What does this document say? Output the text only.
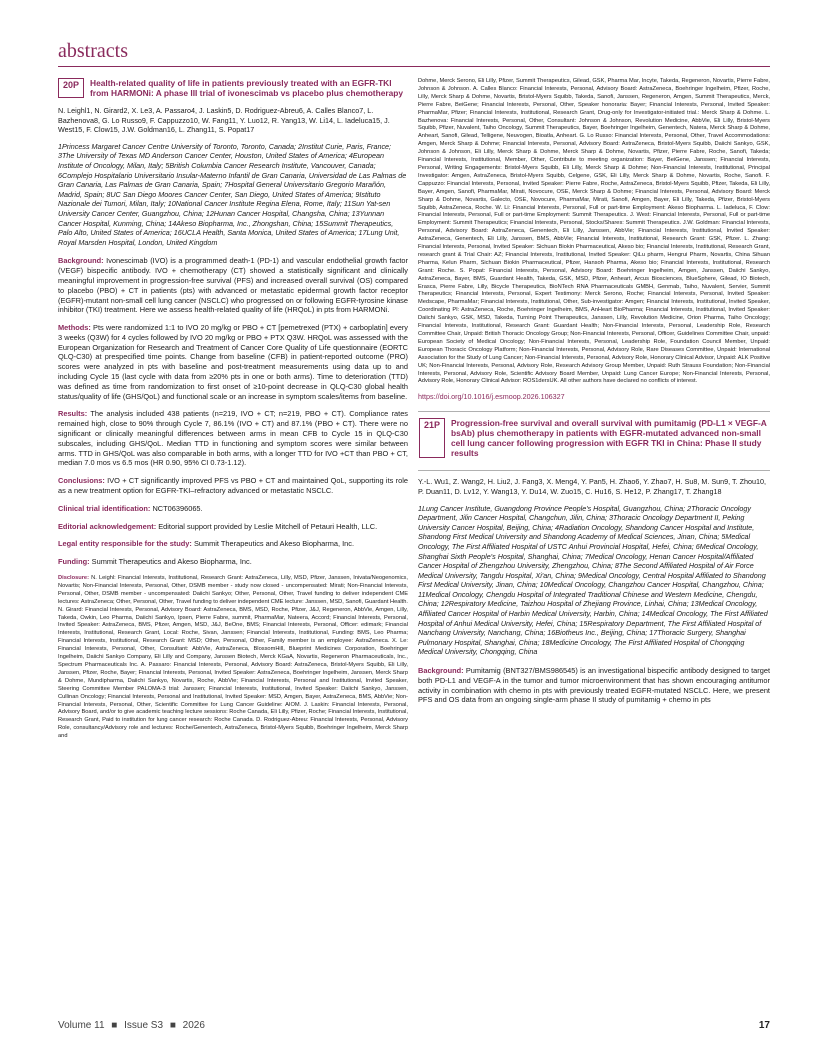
abstracts
20P	Health-related quality of life in patients previously treated with an EGFR-TKI from HARMONi: A phase III trial of ivonescimab vs placebo plus chemotherapy
N. Leighl1, N. Girard2, X. Le3, A. Passaro4, J. Laskin5, D. Rodriguez-Abreu6, A. Calles Blanco7, L. Bazhenova8, G. Lo Russo9, F. Cappuzzo10, W. Fang11, Y. Luo12, R. Yang13, W. Li14, L. Iadeluca15, J. West15, F. Clow15, J.W. Goldman16, L. Zhang11, S. Popat17
1Princess Margaret Cancer Centre University of Toronto, Toronto, Canada; 2Institut Curie, Paris, France; 3The University of Texas MD Anderson Cancer Center, Houston, United States of America; 4European Institute of Oncology, Milan, Italy; 5British Columbia Cancer Research Institute, Vancouver, Canada; 6Complejo Hospitalario Universitario Insular-Materno Infantil de Gran Canaria, Universidad de Las Palmas de Gran Canaria, Las Palmas de Gran Canaria, Spain; 7Hospital General Universitario Gregorio Marañón, Madrid, Spain; 8UC San Diego Moores Cancer Center, San Diego, United States of America; 9Istituto Nazionale dei Tumori, Milan, Italy; 10National Cancer Institute Regina Elena, Rome, Italy; 11Sun Yat-sen University Cancer Center, Guangzhou, China; 12Hunan Cancer Hospital, Changsha, China; 13Yunnan Cancer Hospital, Kunming, China; 14Akeso Biopharma, Inc., Zhongshan, China; 15Summit Therapeutics, Palo Alto, United States of America; 16UCLA Health, Santa Monica, United States of America; 17Lung Unit, Royal Marsden Hospital, London, United Kingdom

Background: Ivonescimab (IVO) is a programmed death-1 (PD-1) and vascular endothelial growth factor (VEGF) bispecific antibody. IVO + chemotherapy (CT) showed a statistically significant and clinically meaningful improvement in progression-free survival (PFS) and increased overall survival (OS) compared to placebo (PBO) + CT in patients (pts) with advanced or metastatic epidermal growth factor receptor (EGFR)-mutant non-small cell lung cancer (NSCLC) who progressed on or following EGFR-tyrosine kinase inhibitor (TKI) treatment. Here we assess health-related quality of life (HRQoL) in pts from HARMONi.

Methods: Pts were randomized 1:1 to IVO 20 mg/kg or PBO + CT [pemetrexed (PTX) + carboplatin] every 3 weeks (Q3W) for 4 cycles followed by IVO 20 mg/kg or PBO + PTX Q3W. HRQoL was assessed with the European Organization for Research and Treatment of Cancer Core Quality of Life questionnaire (EORTC QLQ-C30) at prespecified time points. Change from baseline (CFB) in patient-reported outcome (PRO) scores were analyzed in pts with baseline and post-treatment measurements using data up to and including Cycle 15 (last cycle with data from ≥20% pts in one or both arms). Time to deterioration (TTD) was defined as time from randomization to first onset of ≥10-point decrease in QLQ-C30 global health status/quality of life (GHS/QoL) and functional scale or an increase in symptom scales/items from baseline.

Results: The analysis included 438 patients (n=219, IVO + CT; n=219, PBO + CT). Compliance rates remained high, close to 90% through Cycle 7, 86.1% (IVO + CT) and 87.1% (PBO + CT). There were no significant or clinically meaningful differences between arms in mean CFB to Cycle 15 in QLQ-C30 subscales, including GHS/QoL. Median TTD in functioning and symptom scores were similar between arms. TTD in GHS/QoL was also comparable in both arms, with a longer TTD for IVO +CT than PBO + CT, median 7.0 mos vs 6.5 mos (HR 0.90, 95% CI 0.73-1.12).

Conclusions: IVO + CT significantly improved PFS vs PBO + CT and maintained QoL, supporting its role as a new treatment option for EGFR-TKI–refractory advanced or metastatic NSCLC.

Clinical trial identification: NCT06396065.

Editorial acknowledgement: Editorial support provided by Leslie Mitchell of Petauri Health, LLC.

Legal entity responsible for the study: Summit Therapeutics and Akeso Biopharma, Inc.

Funding: Summit Therapeutics and Akeso Biopharma, Inc.

Disclosure: N. Leighl: Financial Interests, Institutional, Research Grant: AstraZeneca, Lilly, MSD, Pfizer, Janssen, Inivata/Neogenomics, Novartis; Non-Financial Interests, Personal, Other, DSMB member - study now closed - uncompensated: Mirati; Non-Financial Interests, Personal, Other, DSMB member - uncompensated: Daiichi Sankyo; Other, Personal, Other, Travel funding to deliver independent CME lectures: AstraZeneca; Other, Personal, Other, Travel funding to deliver independent CME lecture: Janssen, MSD, Sanofi, Guardant Health. N. Girard: Financial Interests, Personal, Advisory Board: AstraZeneca, BMS, MSD, Roche, Pfizer, J&J, Regeneron, AbbVie, Amgen, Lilly, Takeda, Owkin, Leo Pharma, Daiichi Sankyo, Ipsen, Pierre Fabre, summit, PharmaMar, Nateera, Accord; Financial Interests, Personal, Invited Speaker: AstraZeneca, BMS, Pfizer, Amgen, MSD, J&J, BeOne, BMS; Financial Interests, Personal, Officer: edimark; Financial Interests, Institutional, Research Grant, Local: Roche, Sivan, Janssen; Financial Interests, Institutional, Funding: BMS, Leo Pharma; Financial Interests, Institutional, Research Grant: MSD; Other, Personal, Other, Family member is an employee: AstraZeneca. X. Le: Financial Interests, Personal, Other, Consultant: AbbVie, AstraZeneca, BlossomHill, Blueprint Medicines Corporation, Boehringer Ingelheim, Daiichi Sankyo Company, Eli Lilly and Company, Janssen Biotech, Merck KGaA, Novartis, Regeneron Pharmaceuticals, Inc., Spectrum Pharmaceuticals Inc. A. Passaro: Financial Interests, Personal, Advisory Board: AstraZeneca, Bristol-Myers Squibb, Eli Lilly, Janssen, Pfizer, Roche, Bayer; Financial Interests, Personal, Invited Speaker: AstraZeneca, Boehringer Ingelheim, Janssen, Merck Sharp & Dohme, Mundipharma, Daiichi Sankyo, Novartis, Roche, AbbVie; Financial Interests, Personal and Institutional, Invited Speaker, Steering Committee Member PALOMA-3 trial: Janssen; Financial Interests, Institutional, Invited Speaker: Daiichi Sankyo, Janssen, Cullinan Oncology; Financial Interests, Personal and Institutional, Invited Speaker: MSD, Amgen, Bayer, AstraZeneca, BMS, AbbVie; Non-Financial Interests, Personal, Other, Scientific Committee for Lung Cancer Guideline: AIOM. J. Laskin: Financial Interests, Personal, Advisory Board, and/or to give academic teaching lecture sessions: Roche Canada, Eli Lilly, Pfizer, Roche; Financial Interests, Institutional, Research Grant, Paid to institution for lung cancer research: Roche Canada. D. Rodriguez-Abreu: Financial Interests, Personal, Advisory Role, consultancy/Advisory role and lectures: Roche/Genentech, AstraZeneca, Bristol-Myers Squibb, Boehringer Ingelheim, Merck Sharp and

Dohme, Merck Serono, Eli Lilly, Pfizer, Summit Therapeutics, Gilead, GSK, Pharma Mar, Incyte, Takeda, Regeneron, Novartis, Pierre Fabre, Johnson & Johnson. A. Calles Blanco: Financial Interests, Personal, Advisory Board: AstraZeneca, Boehringer Ingelheim, Pfizer, Roche, Lilly, Merck Sharp & Dohme, Novartis, Bristol-Myers Squibb, Takeda, Sanofi, Janssen, Regeneron, Amgen, Summit Therapeutics, Merck, Pierre Fabre, BeiGene; Financial Interests, Personal, Other, Speaker honoraria: Bayer; Financial Interests, Personal, Invited Speaker: PharmaMar, Pfizer; Financial Interests, Institutional, Research Grant, Drug-only for Investigator-initiated trial.: Merck Sharp & Dohme. L. Bazhenova: Financial Interests, Personal, Other, Consultant: Johnson & Johnson, Revolution Medicine, AbbVie, Eli Lilly, Bristol-Myers Squibb, Pfizer, Nuvalent, Taiho Oncology, Summit Therapeutics, Bayer, Boehringer Ingelheim, Genentech, Natera, Merck Sharp & Dohme, Anheart, Sanofi, Gilead, Telligene, Neuvogen, Bioatla, Anheart. G. Lo Russo: Financial Interests, Personal, Other, Travel Accommodations: Amgen, Merck Sharp & Dohme; Financial Interests, Personal, Advisory Board: AstraZeneca, Bristol-Myers Squibb, Daiichi Sankyo, GSK, Johnson & Johnson, Eli Lilly, Merck Sharp & Dohme, Merck Sharp & Dohme, Novartis, Pfizer, Pierre Fabre, Roche, Sanofi, Takeda; Financial Interests, Institutional, Member, Other, Contribute to meeting organization: Bayer, BeiGene, Janssen; Financial Interests, Personal, Writing Engagements: Bristol-Myers Squibb, Eli Lilly, Merck Sharp & Dohme; Non-Financial Interests, Institutional, Principal Investigator: Amgen, AstraZeneca, Bristol-Myers Squibb, Celgene, GSK, Eli Lilly, Merck Sharp & Dohme, Novartis, Roche, Sanofi. F. Cappuzzo: Financial Interests, Personal, Invited Speaker: Pierre Fabre, Roche, AstraZeneca, Bristol-Myers Squibb, Pfizer, Takeda, Eli Lilly, Bayer, Amgen, Sanofi, PharmaMar, Mirati, Novocure, OSE, Merck Sharp & Dohme; Financial Interests, Personal, Advisory Board: Merck Sharp & Dohme, Novartis, Galecto, OSE, Novocure, PharmaMar, Mirati, Sanofi, Amgen, Bayer, Eli Lilly, Takeda, Pfizer, Bristol-Myers Squibb, AstraZeneca, Roche. W. Li: Financial Interests, Personal, Full or part-time Employment: Akeso Biopharma. L. Iadeluca, F. Clow: Financial Interests, Personal, Full or part-time Employment: Summit Therapeutics. J. West: Financial Interests, Personal, Full or part-time Employment: Summit Therapeutics; Financial Interests, Personal, Stocks/Shares: Summit Therapeutics. J.W. Goldman: Financial Interests, Personal, Advisory Board: AstraZeneca, Genentech, Eli Lilly, Janssen, AbbVie; Financial Interests, Institutional, Invited Speaker: AstraZeneca, Genentech, Eli Lilly, Janssen, BMS, AbbVie; Financial Interests, Institutional, Research Grant: GSK, Pfizer. L. Zhang: Financial Interests, Personal, Invited Speaker: Sichuan Biokin Pharmaceutical, Akeso bio; Financial Interests, Institutional, Research Grant, research grant & Trial Chair: AZ; Financial Interests, Institutional, Invited Speaker: QiLu pharm, Hengrui Pharm, Novartis, China Sihuan Pharma, Kelun Pharm, Sichuan Biokin Pharmaceutical, Pfizer, Hansoh Pharma, Akeso bio; Financial Interests, Institutional, Research Grant: Roche. S. Popat: Financial Interests, Personal, Advisory Board: Boehringer Ingelheim, Amgen, Janssen, Daiichi Sankyo, AstraZeneca, Bayer, BMS, Guardant Health, Takeda, GSK, MSD, Pfizer, Anheart, Arcus Biosciences, BlueSphere, Gilead, IO Biotech, Erasca, Pierre Fabre, Lilly, Bicycle Therapeutics, BioNTech RNA Pharmaceuticals GMBH, Genmab, Taiho, Nuvalent, Servier, Summit Therapeutics; Financial Interests, Personal, Expert Testimony: Merck Serono, Roche; Financial Interests, Personal, Invited Speaker: Medscape, PharmaMar; Financial Interests, Institutional, Other, Sub-investigator: Amgen; Financial Interests, Institutional, Invited Speaker, Coordinating PI: AstraZeneca, Roche, Boehringer Ingelheim, BMS, AnHeart BioPharma; Financial Interests, Institutional, Invited Speaker: Daiichi Sankyo, GSK, MSD, Takeda, Turning Point Therapeutics, Janssen, Lilly, Revolution Medicine, Orion Pharma, Taiho Oncology; Financial Interests, Institutional, Research Grant: Guardant Health; Non-Financial Interests, Personal, Leadership Role, Research Committee Chair, Unpaid: British Thoracic Oncology Group; Non-Financial Interests, Personal, Officer, Guidelines Committee Chair, unpaid: European Society of Medical Oncology; Non-Financial Interests, Personal, Leadership Role, Foundation Council Member, Unpaid: European Thoracic Oncology Platform; Non-Financial Interests, Personal, Advisory Role, Rare Diseases Committee, Unpaid: International Association for the Study of Lung Cancer; Non-Financial Interests, Personal, Advisory Role, Honorary Clinical Advisor, Unpaid: ALK Positive UK; Non-Financial Interests, Personal, Advisory Role, Research Advisory Group Member, Unpaid: Ruth Strauss Foundation; Non-Financial Interests, Personal, Advisory Role, Scientific Advisory Board Member, Unpaid: Lung Cancer Europe; Non-Financial Interests, Personal, Advisory Role, Honorary Clinical Advisor: ROS1dersUK. All other authors have declared no conflicts of interest.

https://doi.org/10.1016/j.esmoop.2026.106327
21P	Progression-free survival and overall survival with pumitamig (PD-L1 × VEGF-A bsAb) plus chemotherapy in patients with EGFR-mutated advanced non-small cell lung cancer following progression with EGFR TKI in China: Phase II study results
Y.-L. Wu1, Z. Wang2, H. Liu2, J. Fang3, X. Meng4, Y. Pan5, H. Zhao6, Y. Zhao7, H. Su8, M. Sun9, T. Zhou10, P. Duan11, D. Lv12, Y. Wang13, Y. Du14, W. Zuo15, C. Hu16, S. He12, P. Zhang17, T. Zhang18
1Lung Cancer Institute, Guangdong Province People's Hospital, Guangzhou, China; 2Thoracic Oncology Department, Jilin Cancer Hospital, Changchun, Jilin, China; 3Thoracic Oncology Department II, Peking University Cancer Hospital, Beijing, China; 4Radiation Oncology, Shandong Cancer Hospital and Institute, Shandong First Medical University and Shandong Academy of Medical Sciences, Jinan, China; 5Medical Oncology, The First Affiliated Hospital of USTC Anhui Provincial Hospital, Hefei, China; 6Medical Oncology, Shanghai Sixth People's Hospital, Shanghai, China; 7Medical Oncology, Henan Cancer Hospital/Affiliated Cancer Hospital of Zhengzhou University, Zhengzhou, China; 8The Second Affiliated Hospital of Air Force Medical University, Tangdu Hospital, Xi'an, China; 9Medical Oncology, Central Hospital Affiliated to Shandong First Medical University, Jinan, China; 10Medical Oncology, Changzhou Cancer Hospital, Changzhou, China; 11Medical Oncology, Chengdu Hospital of Integrated Traditional Chinese and Western Medicine, Chengdu, China; 12Respiratory Medicine, Taizhou Hospital of Zhejiang Province, Linhai, China; 13Medical Oncology, Affiliated Cancer Hospital of Harbin Medical University, Harbin, China; 14Medical Oncology, The First Affiliated Hospital of Anhui Medical University, Hefei, China; 15Respiratory Department, The First Affiliated Hospital of Nanchang University, Nanchang, China; 16Biotheus Inc., Beijing, China; 17Thoracic Surgery, Shanghai Pulmonary Hospital, Shanghai, China; 18Medicine Oncology, The First Affiliated Hospital of Chongqing Medical University, Chongqing, China

Background: Pumitamig (BNT327/BMS986545) is an investigational bispecific antibody designed to target both PD-L1 and VEGF-A in the tumor and tumor microenvironment that has shown encouraging antitumor activity in combination with chemo in pts with previously treated EGFR-mutated NSCLC. Here, we present PFS and OS data from an ongoing single-arm phase II study of pumitamig + chemo in pts

Volume 11 ■ Issue S3 ■ 2026	17
